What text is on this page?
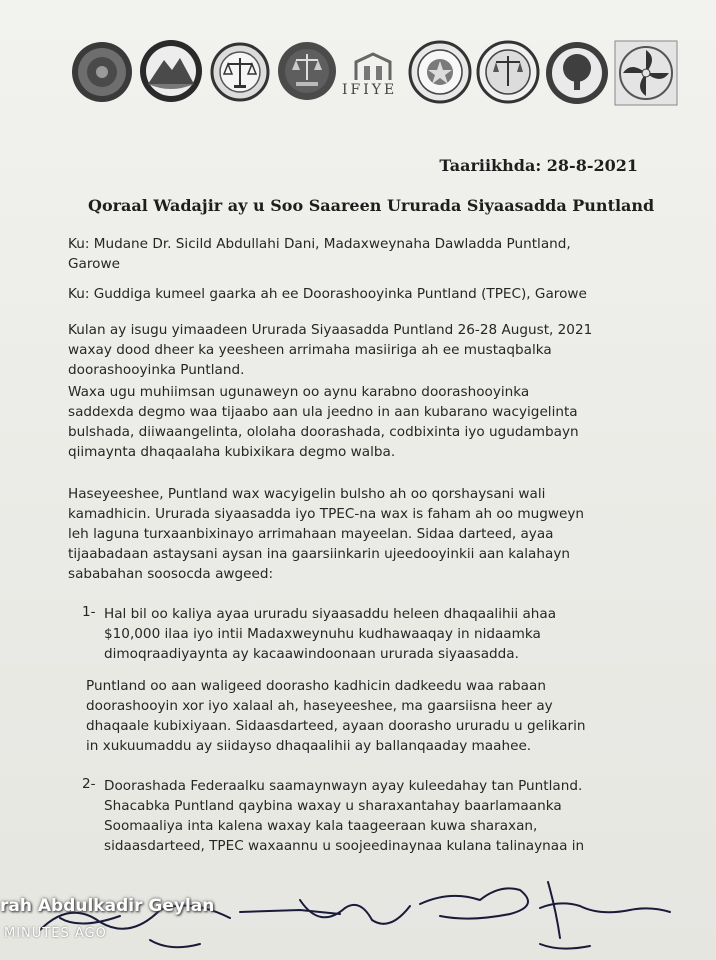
IFIYE
Taariikhda: 28-8-2021
Qoraal Wadajir ay u Soo Saareen Ururada Siyaasadda Puntland
Ku: Mudane Dr. Sicild Abdullahi Dani, Madaxweynaha Dawladda Puntland,
Garowe
Ku: Guddiga kumeel gaarka ah ee Doorashooyinka Puntland (TPEC), Garowe
Kulan ay isugu yimaadeen Ururada Siyaasadda Puntland 26-28 August, 2021
waxay dood dheer ka yeesheen arrimaha masiiriga ah ee mustaqbalka
doorashooyinka Puntland.
Waxa ugu muhiimsan ugunaweyn oo aynu karabno doorashooyinka
saddexda degmo waa tijaabo aan ula jeedno in aan kubarano wacyigelinta
bulshada, diiwaangelinta, ololaha doorashada, codbixinta iyo ugudambayn
qiimaynta dhaqaalaha kubixikara degmo walba.
Haseyeeshee, Puntland wax wacyigelin bulsho ah oo qorshaysani wali
kamadhicin. Ururada siyaasadda iyo TPEC-na wax is faham ah oo mugweyn
leh laguna turxaanbixinayo arrimahaan mayeelan. Sidaa darteed, ayaa
tijaabadaan astaysani aysan ina gaarsiinkarin ujeedooyinkii aan kalahayn
sababahan soosocda awgeed:
1- Hal bil oo kaliya ayaa ururadu siyaasaddu heleen dhaqaalihii ahaa
$10,000 ilaa iyo intii Madaxweynuhu kudhawaaqay in nidaamka
dimoqraadiyaynta ay kacaawindoonaan ururada siyaasadda.
Puntland oo aan waligeed doorasho kadhicin dadkeedu waa rabaan
doorashooyin xor iyo xalaal ah, haseyeeshee, ma gaarsiisna heer ay
dhaqaale kubixiyaan. Sidaasdarteed, ayaan doorasho ururadu u gelikarin
in xukuumaddu ay siidayso dhaqaalihii ay ballanqaaday maahee.
2- Doorashada Federaalku saamaynwayn ayay kuleedahay tan Puntland.
Shacabka Puntland qaybina waxay u sharaxantahay baarlamaanka
Soomaaliya inta kalena waxay kala taageeraan kuwa sharaxan,
sidaasdarteed, TPEC waxaannu u soojeedinaynaa kulana talinaynaa in
rah Abdulkadir Geylan
MINUTES AGO
